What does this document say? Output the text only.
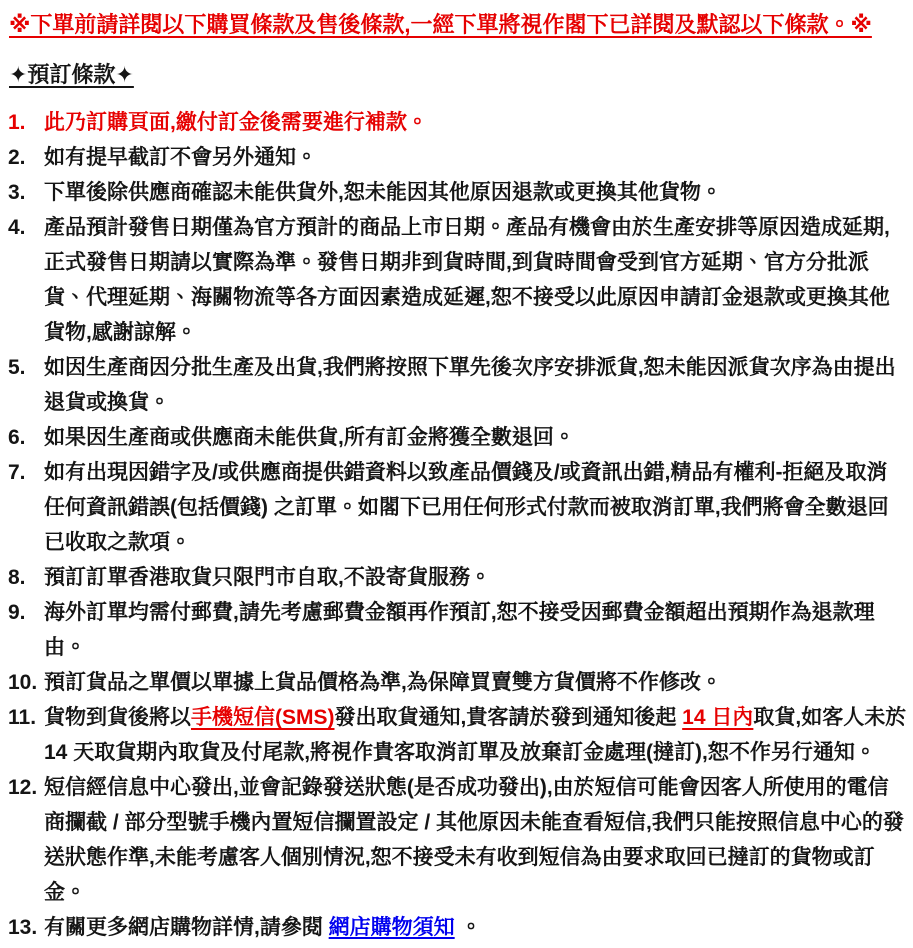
※下單前請詳閱以下購買條款及售後條款,一經下單將視作閣下已詳閱及默認以下條款。※
✦預訂條款✦
1. 此乃訂購頁面,繳付訂金後需要進行補款。
2. 如有提早截訂不會另外通知。
3. 下單後除供應商確認未能供貨外,恕未能因其他原因退款或更換其他貨物。
4. 產品預計發售日期僅為官方預計的商品上市日期。產品有機會由於生產安排等原因造成延期,正式發售日期請以實際為準。發售日期非到貨時間,到貨時間會受到官方延期、官方分批派貨、代理延期、海關物流等各方面因素造成延遲,恕不接受以此原因申請訂金退款或更換其他貨物,感謝諒解。
5. 如因生產商因分批生產及出貨,我們將按照下單先後次序安排派貨,恕未能因派貨次序為由提出退貨或換貨。
6. 如果因生產商或供應商未能供貨,所有訂金將獲全數退回。
7. 如有出現因錯字及/或供應商提供錯資料以致產品價錢及/或資訊出錯,精品有權利-拒絕及取消任何資訊錯誤(包括價錢) 之訂單。如閣下已用任何形式付款而被取消訂單,我們將會全數退回已收取之款項。
8. 預訂訂單香港取貨只限門市自取,不設寄貨服務。
9. 海外訂單均需付郵費,請先考慮郵費金額再作預訂,恕不接受因郵費金額超出預期作為退款理由。
10. 預訂貨品之單價以單據上貨品價格為準,為保障買賣雙方貨價將不作修改。
11. 貨物到貨後將以手機短信(SMS)發出取貨通知,貴客請於發到通知後起 14 日內取貨,如客人未於 14 天取貨期內取貨及付尾款,將視作貴客取消訂單及放棄訂金處理(撻訂),恕不作另行通知。
12. 短信經信息中心發出,並會記錄發送狀態(是否成功發出),由於短信可能會因客人所使用的電信商攔截 / 部分型號手機內置短信攔置設定 / 其他原因未能查看短信,我們只能按照信息中心的發送狀態作準,未能考慮客人個別情況,恕不接受未有收到短信為由要求取回已撻訂的貨物或訂金。
13. 有關更多網店購物詳情,請參閱 網店購物須知 。
